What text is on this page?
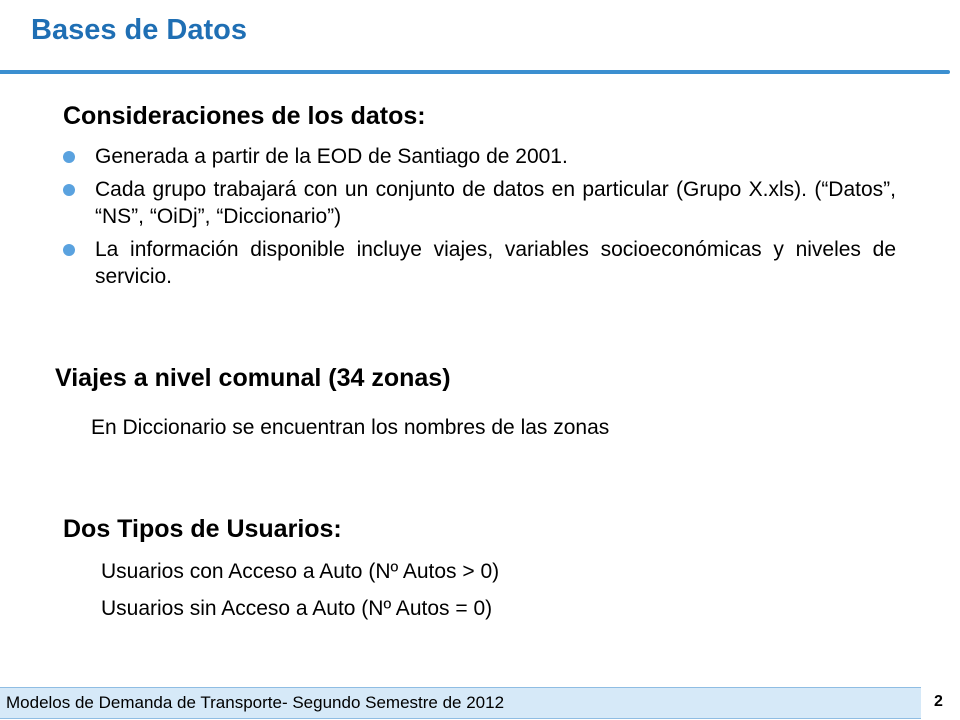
Bases de Datos
Consideraciones de los datos:
Generada a partir de la EOD de Santiago de 2001.
Cada grupo trabajará con un conjunto de datos en particular (Grupo X.xls). (“Datos”, “NS”, “OiDj”, “Diccionario”)
La información disponible incluye viajes, variables socioeconómicas y niveles de servicio.
Viajes a nivel comunal (34 zonas)
En Diccionario se encuentran los nombres de las zonas
Dos Tipos de Usuarios:
Usuarios con Acceso a Auto (Nº Autos > 0)
Usuarios sin Acceso a Auto (Nº Autos = 0)
Modelos de Demanda de Transporte- Segundo Semestre de 2012	2
